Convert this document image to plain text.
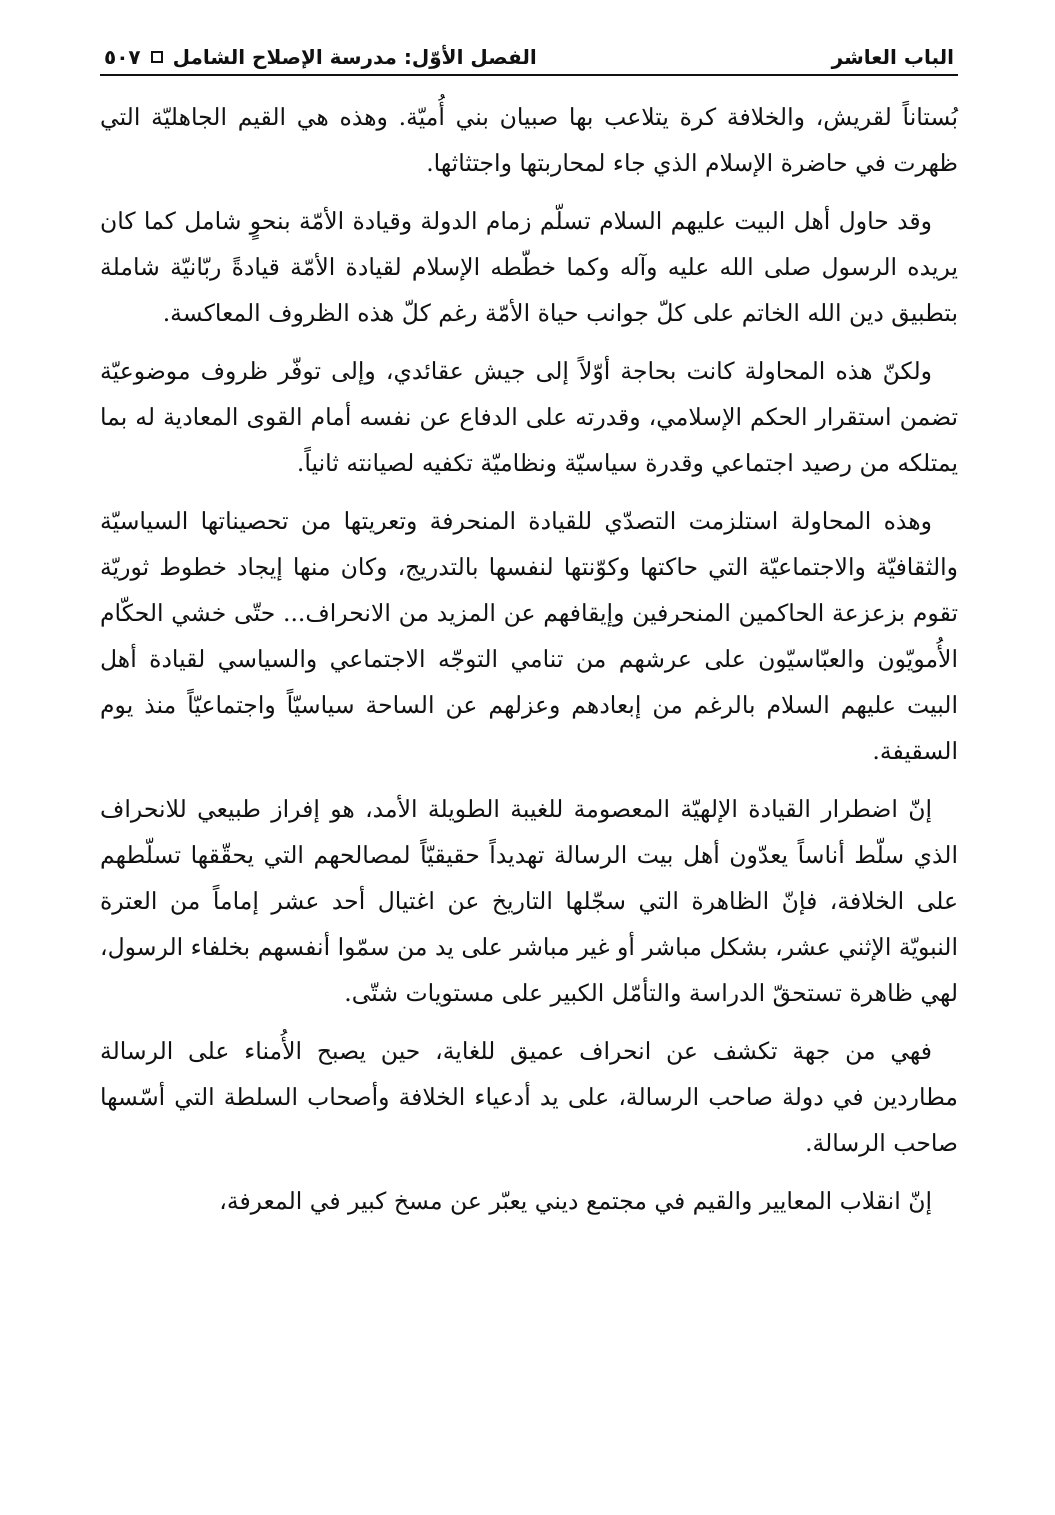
الباب العاشر
الفصل الأوّل: مدرسة الإصلاح الشامل
٥٠٧

بُستاناً لقريش، والخلافة كرة يتلاعب بها صبيان بني أُميّة. وهذه هي القيم الجاهليّة التي ظهرت في حاضرة الإسلام الذي جاء لمحاربتها واجتثاثها.

وقد حاول أهل البيت عليهم السلام تسلّم زمام الدولة وقيادة الأمّة بنحوٍ شامل كما كان يريده الرسول صلى الله عليه وآله وكما خطّطه الإسلام لقيادة الأمّة قيادةً ربّانيّة شاملة بتطبيق دين الله الخاتم على كلّ جوانب حياة الأمّة رغم كلّ هذه الظروف المعاكسة.

ولكنّ هذه المحاولة كانت بحاجة أوّلاً إلى جيش عقائدي، وإلى توفّر ظروف موضوعيّة تضمن استقرار الحكم الإسلامي، وقدرته على الدفاع عن نفسه أمام القوى المعادية له بما يمتلكه من رصيد اجتماعي وقدرة سياسيّة ونظاميّة تكفيه لصيانته ثانياً.

وهذه المحاولة استلزمت التصدّي للقيادة المنحرفة وتعريتها من تحصيناتها السياسيّة والثقافيّة والاجتماعيّة التي حاكتها وكوّنتها لنفسها بالتدريج، وكان منها إيجاد خطوط ثوريّة تقوم بزعزعة الحاكمين المنحرفين وإيقافهم عن المزيد من الانحراف... حتّى خشي الحكّام الأُمويّون والعبّاسيّون على عرشهم من تنامي التوجّه الاجتماعي والسياسي لقيادة أهل البيت عليهم السلام بالرغم من إبعادهم وعزلهم عن الساحة سياسيّاً واجتماعيّاً منذ يوم السقيفة.

إنّ اضطرار القيادة الإلهيّة المعصومة للغيبة الطويلة الأمد، هو إفراز طبيعي للانحراف الذي سلّط أناساً يعدّون أهل بيت الرسالة تهديداً حقيقيّاً لمصالحهم التي يحقّقها تسلّطهم على الخلافة، فإنّ الظاهرة التي سجّلها التاريخ عن اغتيال أحد عشر إماماً من العترة النبويّة الإثني عشر، بشكل مباشر أو غير مباشر على يد من سمّوا أنفسهم بخلفاء الرسول، لهي ظاهرة تستحقّ الدراسة والتأمّل الكبير على مستويات شتّى.

فهي من جهة تكشف عن انحراف عميق للغاية، حين يصبح الأُمناء على الرسالة مطاردين في دولة صاحب الرسالة، على يد أدعياء الخلافة وأصحاب السلطة التي أسّسها صاحب الرسالة.

إنّ انقلاب المعايير والقيم في مجتمع ديني يعبّر عن مسخ كبير في المعرفة،
